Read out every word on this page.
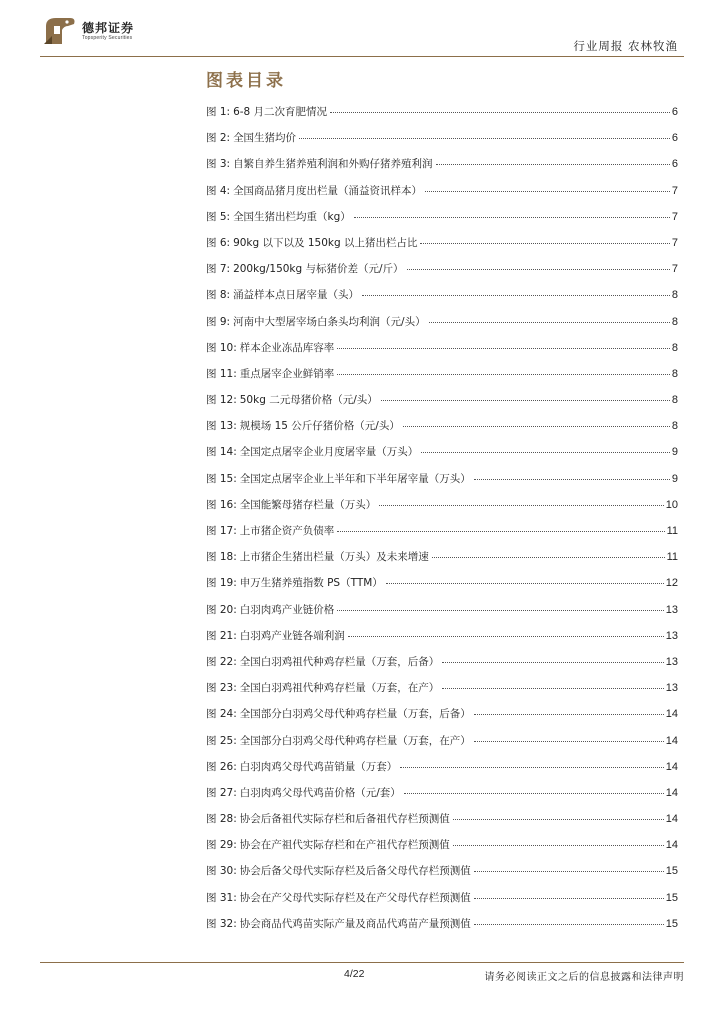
德邦证券
Topsperity Securities
行业周报 农林牧渔
图表目录
图 1: 6-8 月二次育肥情况	6
图 2: 全国生猪均价	6
图 3: 自繁自养生猪养殖利润和外购仔猪养殖利润	6
图 4: 全国商品猪月度出栏量（涌益资讯样本）	7
图 5: 全国生猪出栏均重（kg）	7
图 6: 90kg 以下以及 150kg 以上猪出栏占比	7
图 7: 200kg/150kg 与标猪价差（元/斤）	7
图 8: 涌益样本点日屠宰量（头）	8
图 9: 河南中大型屠宰场白条头均利润（元/头）	8
图 10: 样本企业冻品库容率	8
图 11: 重点屠宰企业鲜销率	8
图 12: 50kg 二元母猪价格（元/头）	8
图 13: 规模场 15 公斤仔猪价格（元/头）	8
图 14: 全国定点屠宰企业月度屠宰量（万头）	9
图 15: 全国定点屠宰企业上半年和下半年屠宰量（万头）	9
图 16: 全国能繁母猪存栏量（万头）	10
图 17: 上市猪企资产负债率	11
图 18: 上市猪企生猪出栏量（万头）及未来增速	11
图 19: 申万生猪养殖指数 PS（TTM）	12
图 20: 白羽肉鸡产业链价格	13
图 21: 白羽鸡产业链各端利润	13
图 22: 全国白羽鸡祖代种鸡存栏量（万套，后备）	13
图 23: 全国白羽鸡祖代种鸡存栏量（万套，在产）	13
图 24: 全国部分白羽鸡父母代种鸡存栏量（万套，后备）	14
图 25: 全国部分白羽鸡父母代种鸡存栏量（万套，在产）	14
图 26: 白羽肉鸡父母代鸡苗销量（万套）	14
图 27: 白羽肉鸡父母代鸡苗价格（元/套）	14
图 28: 协会后备祖代实际存栏和后备祖代存栏预测值	14
图 29: 协会在产祖代实际存栏和在产祖代存栏预测值	14
图 30: 协会后备父母代实际存栏及后备父母代存栏预测值	15
图 31: 协会在产父母代实际存栏及在产父母代存栏预测值	15
图 32: 协会商品代鸡苗实际产量及商品代鸡苗产量预测值	15
4/22	请务必阅读正文之后的信息披露和法律声明
